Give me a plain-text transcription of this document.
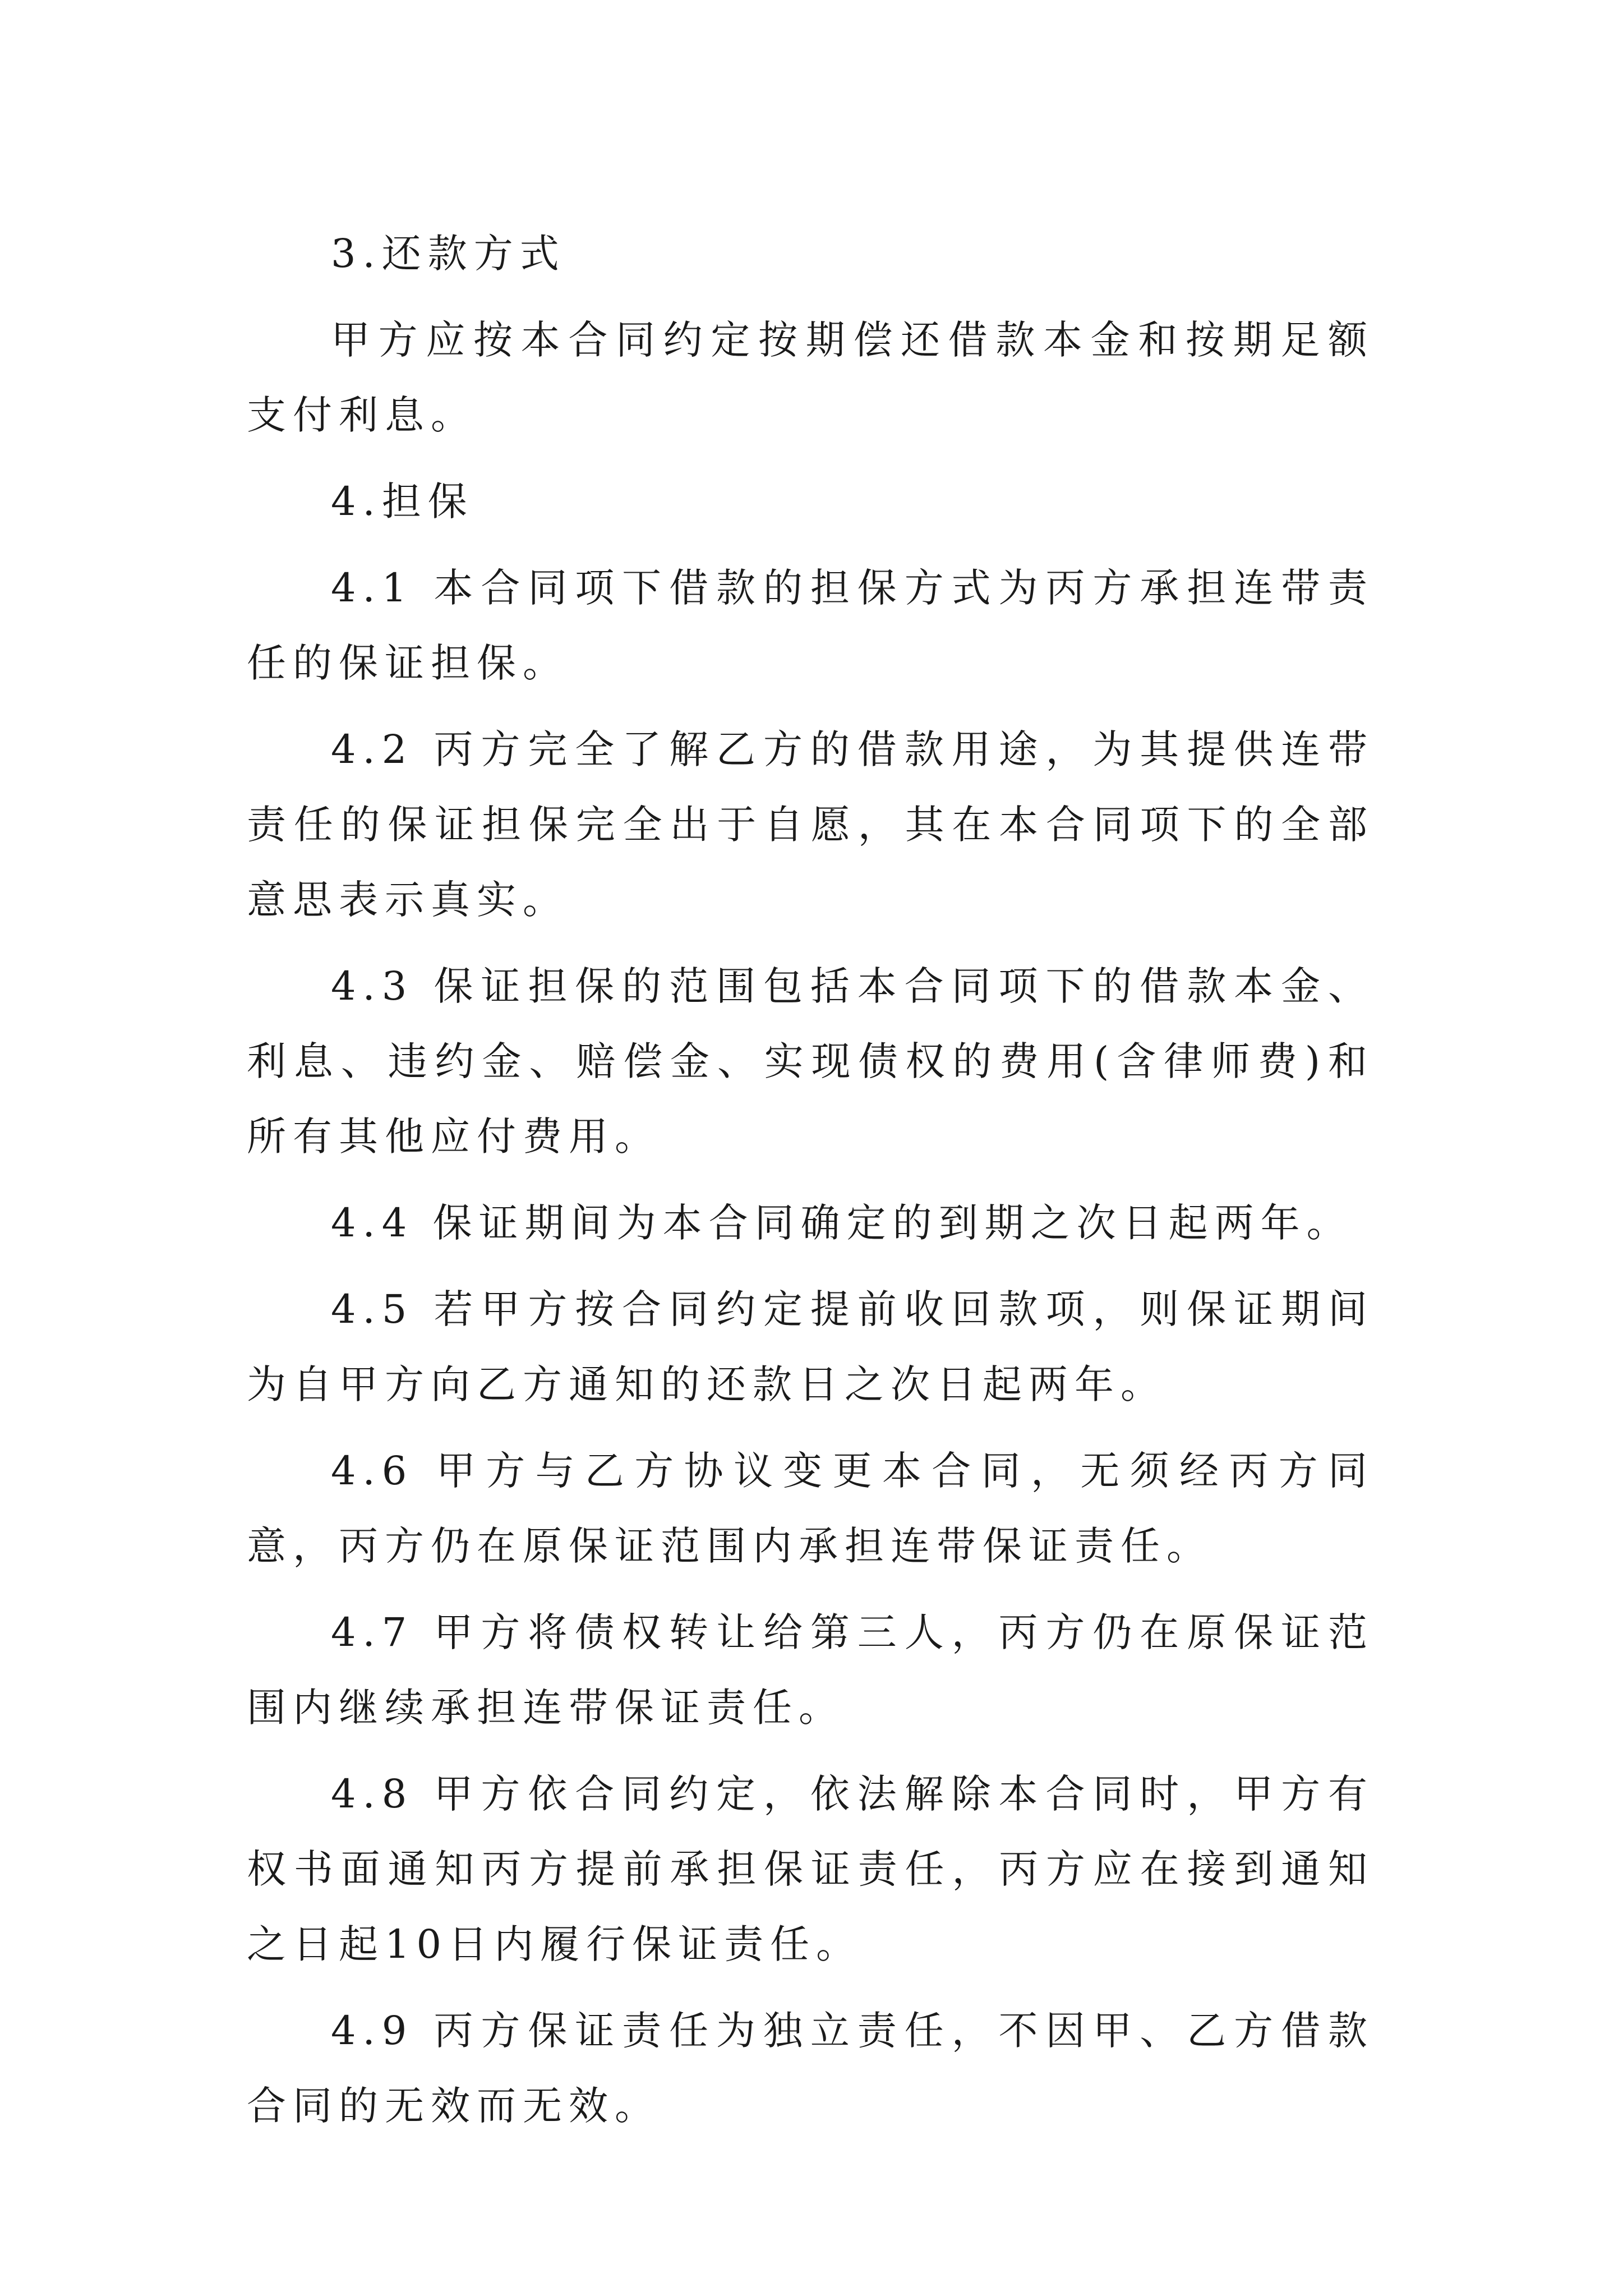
3.还款方式

甲方应按本合同约定按期偿还借款本金和按期足额支付利息。

4.担保

4.1 本合同项下借款的担保方式为丙方承担连带责任的保证担保。

4.2 丙方完全了解乙方的借款用途，为其提供连带责任的保证担保完全出于自愿，其在本合同项下的全部意思表示真实。

4.3 保证担保的范围包括本合同项下的借款本金、利息、违约金、赔偿金、实现债权的费用(含律师费)和所有其他应付费用。

4.4 保证期间为本合同确定的到期之次日起两年。

4.5 若甲方按合同约定提前收回款项，则保证期间为自甲方向乙方通知的还款日之次日起两年。

4.6 甲方与乙方协议变更本合同，无须经丙方同意，丙方仍在原保证范围内承担连带保证责任。

4.7 甲方将债权转让给第三人，丙方仍在原保证范围内继续承担连带保证责任。

4.8 甲方依合同约定，依法解除本合同时，甲方有权书面通知丙方提前承担保证责任，丙方应在接到通知之日起10日内履行保证责任。

4.9 丙方保证责任为独立责任，不因甲、乙方借款合同的无效而无效。
